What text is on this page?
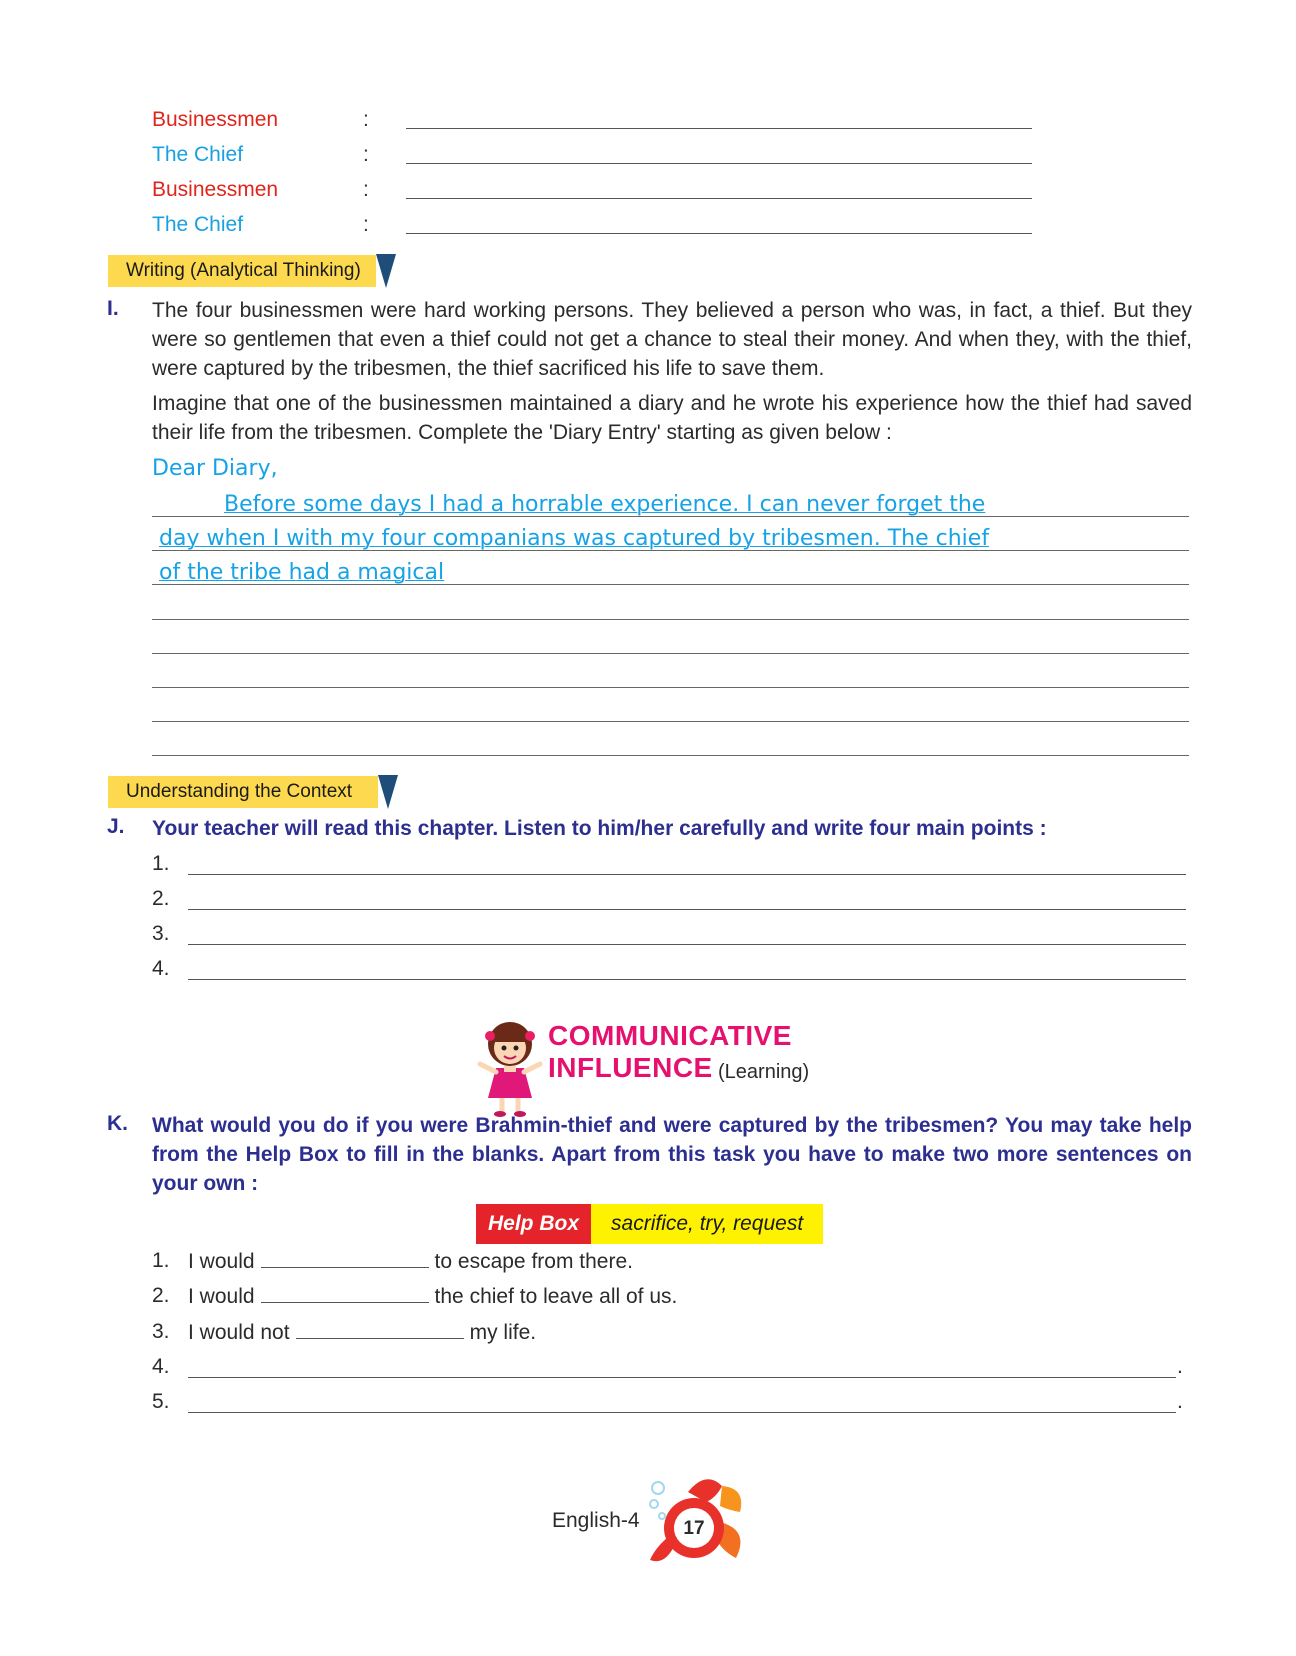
Businessmen	:
The Chief	:
Businessmen	:
The Chief	:
Writing (Analytical Thinking)
I. The four businessmen were hard working persons. They believed a person who was, in fact, a thief. But they were so gentlemen that even a thief could not get a chance to steal their money. And when they, with the thief, were captured by the tribesmen, the thief sacrificed his life to save them.
Imagine that one of the businessmen maintained a diary and he wrote his experience how the thief had saved their life from the tribesmen. Complete the 'Diary Entry' starting as given below :
Dear Diary,
Before some days I had a horrable experience. I can never forget the
day when I with my four companians was captured by tribesmen. The chief
of the tribe had a magical
Understanding the Context
J. Your teacher will read this chapter. Listen to him/her carefully and write four main points :
1.
2.
3.
4.
COMMUNICATIVE
INFLUENCE (Learning)
K. What would you do if you were Brahmin-thief and were captured by the tribesmen? You may take help from the Help Box to fill in the blanks. Apart from this task you have to make two more sentences on your own :
Help Box	sacrifice, try, request
1. I would	to escape from there.
2. I would	the chief to leave all of us.
3. I would not	my life.
4.	.
5.	.
English-4	17
